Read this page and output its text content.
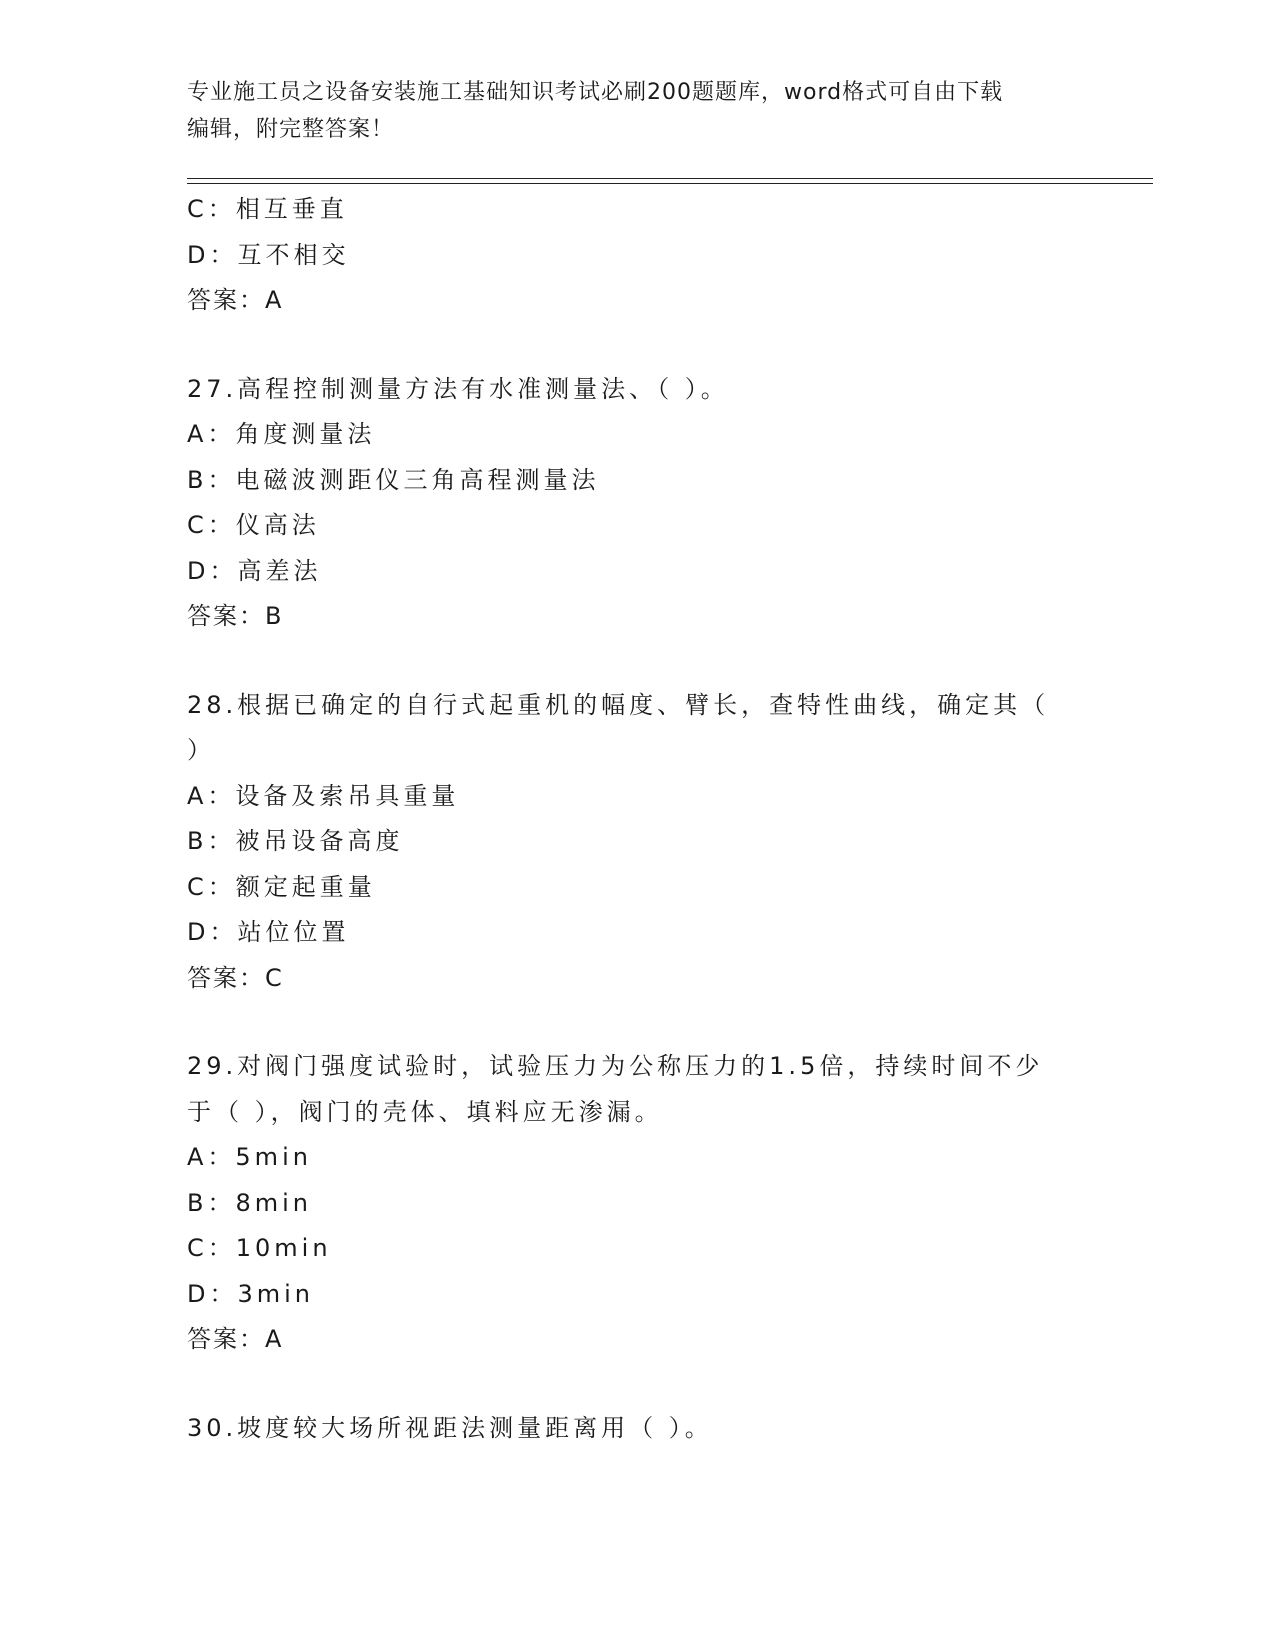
专业施工员之设备安装施工基础知识考试必刷200题题库，word格式可自由下载
编辑，附完整答案！
C：相互垂直
D：互不相交
答案：A
27.高程控制测量方法有水准测量法、（ ）。
A：角度测量法
B：电磁波测距仪三角高程测量法
C：仪高法
D：高差法
答案：B
28.根据已确定的自行式起重机的幅度、臂长，查特性曲线，确定其（
）
A：设备及索吊具重量
B：被吊设备高度
C：额定起重量
D：站位位置
答案：C
29.对阀门强度试验时，试验压力为公称压力的1.5倍，持续时间不少
于（ ），阀门的壳体、填料应无渗漏。
A：5min
B：8min
C：10min
D：3min
答案：A
30.坡度较大场所视距法测量距离用（ ）。
